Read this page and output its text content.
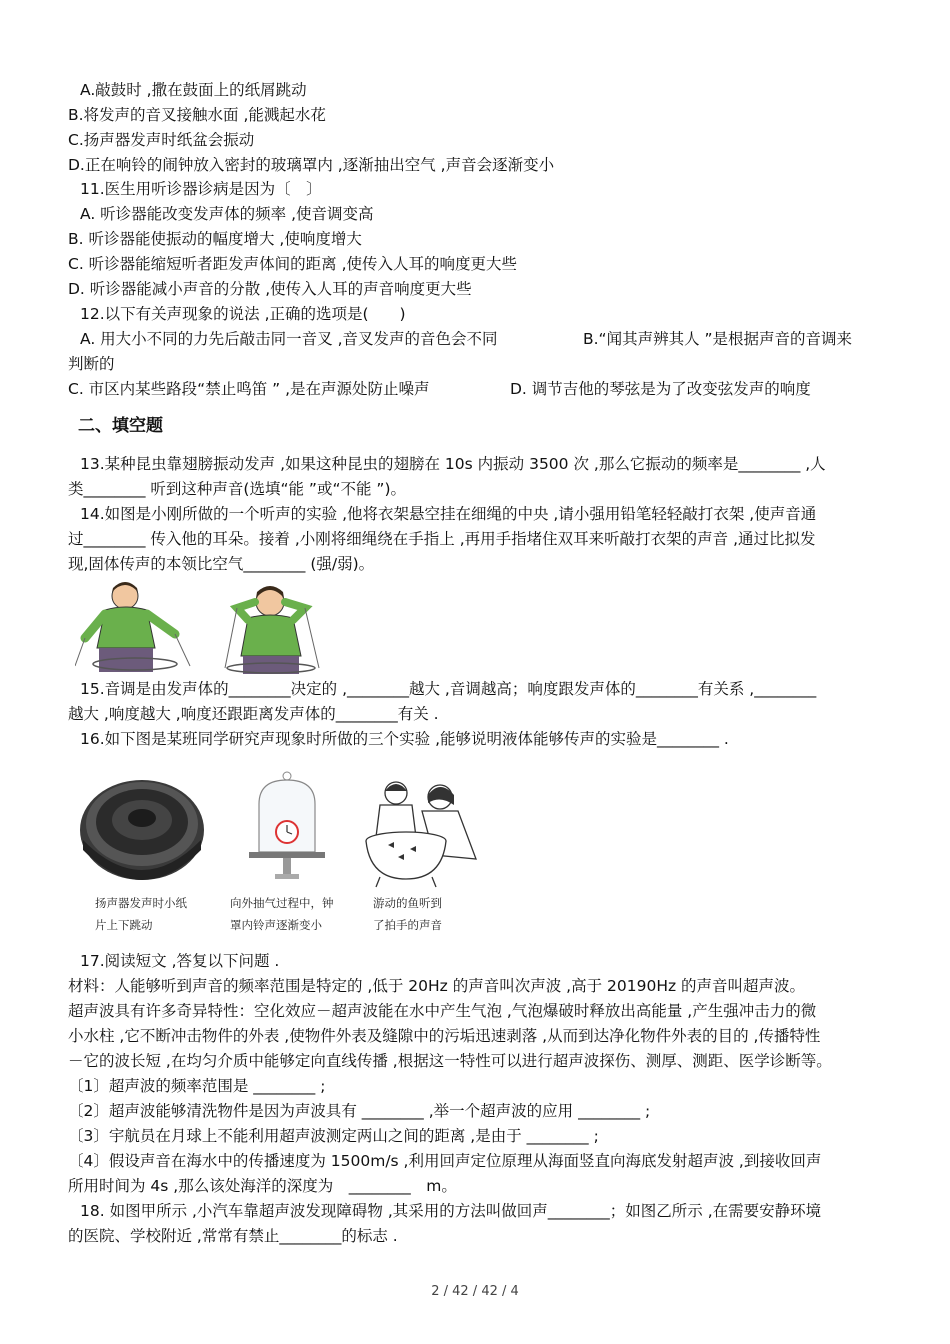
A.敲鼓时 ,撒在鼓面上的纸屑跳动
B.将发声的音叉接触水面 ,能溅起水花
C.扬声器发声时纸盆会振动
D.正在响铃的闹钟放入密封的玻璃罩内 ,逐渐抽出空气 ,声音会逐渐变小
11.医生用听诊器诊病是因为〔　〕
A. 听诊器能改变发声体的频率 ,使音调变高
B. 听诊器能使振动的幅度增大 ,使响度增大
C. 听诊器能缩短听者距发声体间的距离 ,使传入人耳的响度更大些
D. 听诊器能减小声音的分散 ,使传入人耳的声音响度更大些
12.以下有关声现象的说法 ,正确的选项是(　　)
A. 用大小不同的力先后敲击同一音叉 ,音叉发声的音色会不同	B.“闻其声辨其人 ”是根据声音的音调来
判断的
C. 市区内某些路段“禁止鸣笛 ” ,是在声源处防止噪声	D. 调节吉他的琴弦是为了改变弦发声的响度
二、填空题
13.某种昆虫靠翅膀振动发声 ,如果这种昆虫的翅膀在 10s 内振动 3500 次 ,那么它振动的频率是________ ,人
类________ 听到这种声音(选填“能 ”或“不能 ”)。
14.如图是小刚所做的一个听声的实验 ,他将衣架悬空挂在细绳的中央 ,请小强用铅笔轻轻敲打衣架 ,使声音通
过________ 传入他的耳朵。接着 ,小刚将细绳绕在手指上 ,再用手指堵住双耳来听敲打衣架的声音 ,通过比拟发
现,固体传声的本领比空气________ (强/弱)。
15.音调是由发声体的________决定的 ,________越大 ,音调越高；响度跟发声体的________有关系 ,________
越大 ,响度越大 ,响度还跟距离发声体的________有关 .
16.如下图是某班同学研究声现象时所做的三个实验 ,能够说明液体能够传声的实验是________ .
扬声器发声时小纸
片上下跳动
向外抽气过程中，钟
罩内铃声逐渐变小
游动的鱼听到
了拍手的声音
17.阅读短文 ,答复以下问题 .
材料：人能够听到声音的频率范围是特定的 ,低于 20Hz 的声音叫次声波 ,高于 20190Hz 的声音叫超声波。
超声波具有许多奇异特性：空化效应－超声波能在水中产生气泡 ,气泡爆破时释放出高能量 ,产生强冲击力的微
小水柱 ,它不断冲击物件的外表 ,使物件外表及缝隙中的污垢迅速剥落 ,从而到达净化物件外表的目的 ,传播特性
－它的波长短 ,在均匀介质中能够定向直线传播 ,根据这一特性可以进行超声波探伤、测厚、测距、医学诊断等。
〔1〕超声波的频率范围是 ________ ;
〔2〕超声波能够清洗物件是因为声波具有 ________ ,举一个超声波的应用 ________ ;
〔3〕宇航员在月球上不能利用超声波测定两山之间的距离 ,是由于 ________ ;
〔4〕假设声音在海水中的传播速度为 1500m/s ,利用回声定位原理从海面竖直向海底发射超声波 ,到接收回声
所用时间为 4s ,那么该处海洋的深度为　________　m。
18. 如图甲所示 ,小汽车靠超声波发现障碍物 ,其采用的方法叫做回声________；如图乙所示 ,在需要安静环境
的医院、学校附近 ,常常有禁止________的标志 .
2 / 42 / 42 / 4
